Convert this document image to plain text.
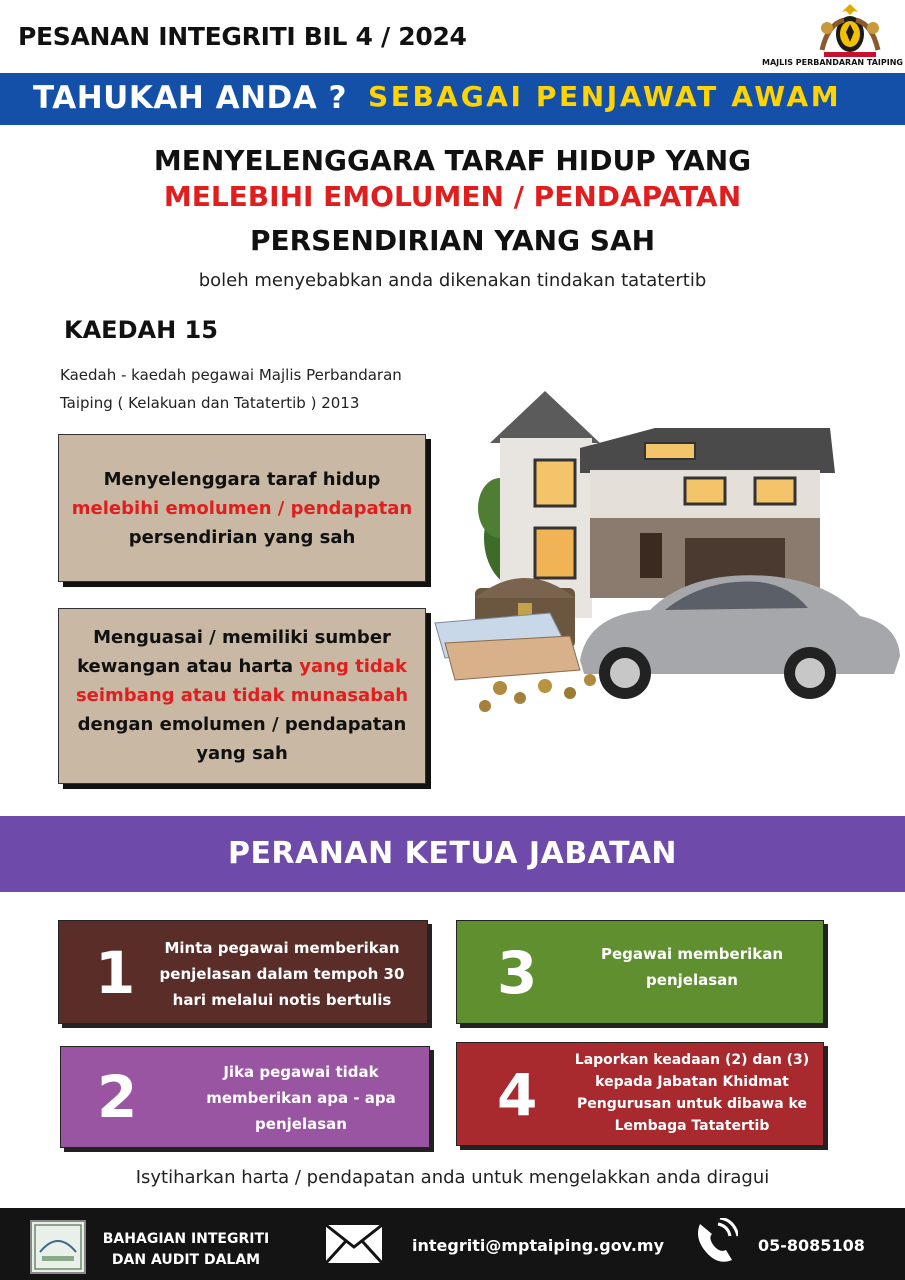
PESANAN INTEGRITI BIL 4 / 2024
MAJLIS PERBANDARAN TAIPING
TAHUKAH ANDA ? SEBAGAI PENJAWAT AWAM
MENYELENGGARA TARAF HIDUP YANG
MELEBIHI EMOLUMEN / PENDAPATAN
PERSENDIRIAN YANG SAH
boleh menyebabkan anda dikenakan tindakan tatatertib
KAEDAH 15
Kaedah - kaedah pegawai Majlis Perbandaran
Taiping ( Kelakuan dan Tatatertib ) 2013
Menyelenggara taraf hidup
melebihi emolumen / pendapatan
persendirian yang sah
Menguasai / memiliki sumber
kewangan atau harta yang tidak
seimbang atau tidak munasabah
dengan emolumen / pendapatan
yang sah
PERANAN KETUA JABATAN
1	Minta pegawai memberikan
penjelasan dalam tempoh 30
hari melalui notis bertulis
2	Jika pegawai tidak
memberikan apa - apa
penjelasan
3	Pegawai memberikan
penjelasan
4
Laporkan keadaan (2) dan (3)
kepada Jabatan Khidmat
Pengurusan untuk dibawa ke
Lembaga Tatatertib
Isytiharkan harta / pendapatan anda untuk mengelakkan anda diragui
BAHAGIAN INTEGRITI
DAN AUDIT DALAM
integriti@mptaiping.gov.my	05-8085108
